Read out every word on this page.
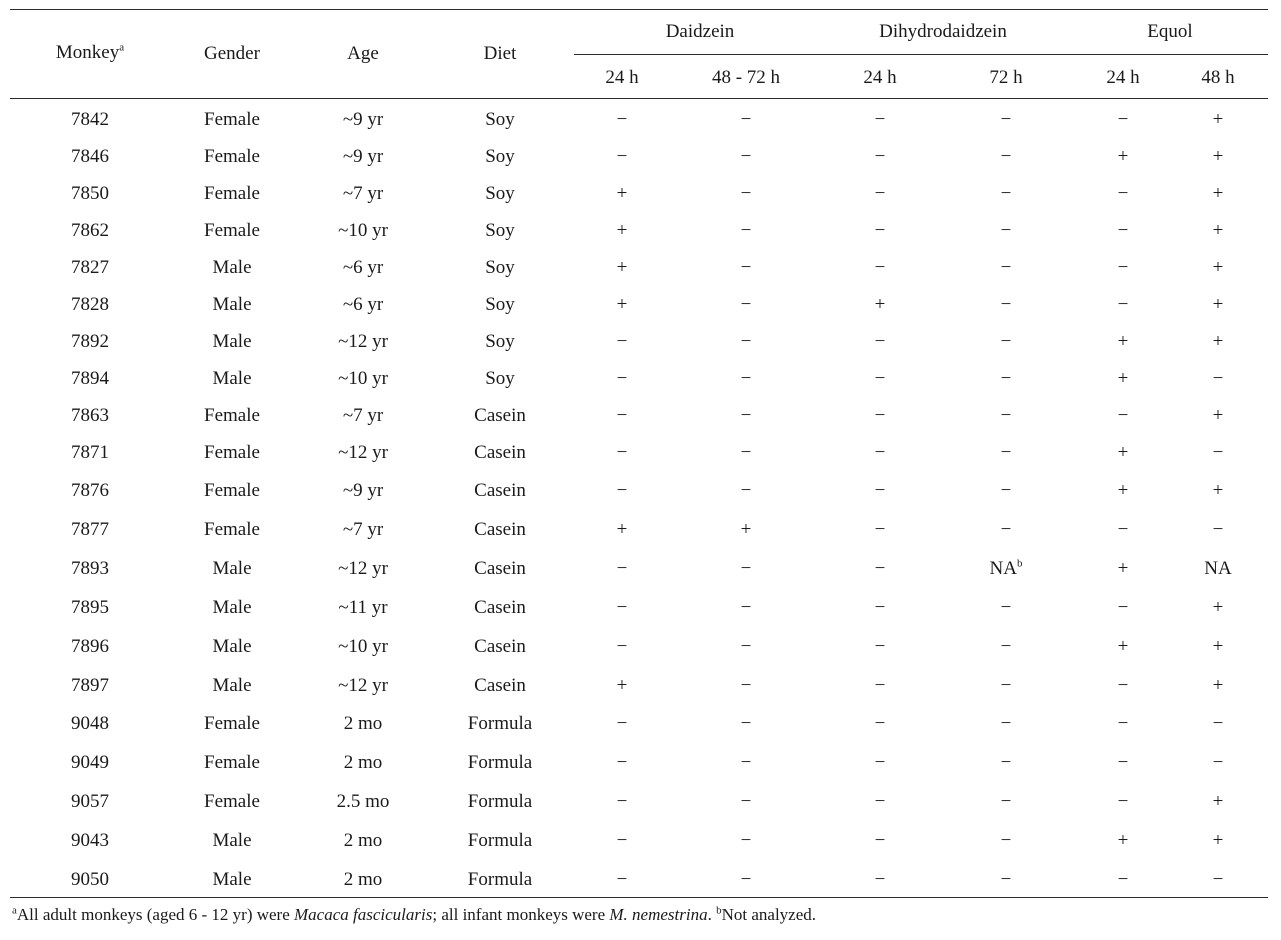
Monkey$^a$	Gender	Age	Diet
Daidzein	Dihydrodaidzein	Equol
24 h	48 - 72 h	24 h	72 h	24 h	48 h
7842	Female	~9 yr	Soy	−	−	−	−	−	+
7846	Female	~9 yr	Soy	−	−	−	−	+	+
7850	Female	~7 yr	Soy	+	−	−	−	−	+
7862	Female	~10 yr	Soy	+	−	−	−	−	+
7827	Male	~6 yr	Soy	+	−	−	−	−	+
7828	Male	~6 yr	Soy	+	−	+	−	−	+
7892	Male	~12 yr	Soy	−	−	−	−	+	+
7894	Male	~10 yr	Soy	−	−	−	−	+	−
7863	Female	~7 yr	Casein	−	−	−	−	−	+
7871	Female	~12 yr	Casein	−	−	−	−	+	−
7876	Female	~9 yr	Casein	−	−	−	−	+	+
7877	Female	~7 yr	Casein	+	+	−	−	−	−
7893	Male	~12 yr	Casein	−	−	−	$NA^b$	+	NA
7895	Male	~11 yr	Casein	−	−	−	−	−	+
7896	Male	~10 yr	Casein	−	−	−	−	+	+
7897	Male	~12 yr	Casein	+	−	−	−	−	+
9048	Female	2 mo	Formula	−	−	−	−	−	−
9049	Female	2 mo	Formula	−	−	−	−	−	−
9057	Female	2.5 mo	Formula	−	−	−	−	−	+
9043	Male	2 mo	Formula	−	−	−	−	+	+
9050	Male	2 mo	Formula	−	−	−	−	−	−
$^a$All adult monkeys (aged 6 - 12 yr) were Macaca fascicularis; all infant monkeys were M. nemestrina. $^b$Not analyzed.
